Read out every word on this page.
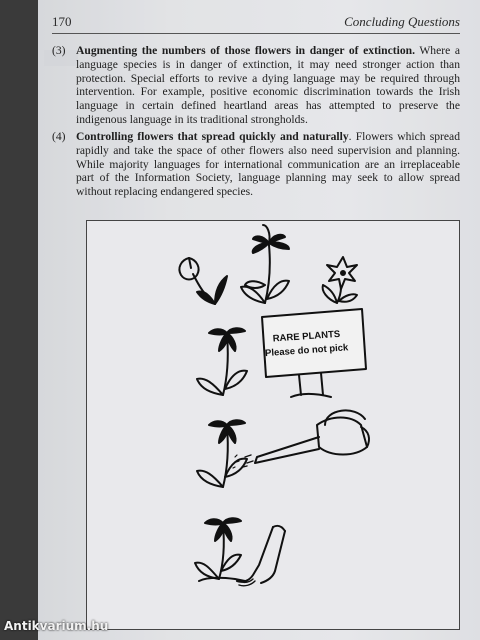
170	Concluding Questions
(3) Augmenting the numbers of those flowers in danger of extinction. Where a language species is in danger of extinction, it may need stronger action than protection. Special efforts to revive a dying language may be required through intervention. For example, positive economic discrimination towards the Irish language in certain defined heartland areas has attempted to preserve the indigenous language in its traditional strongholds.
(4) Controlling flowers that spread quickly and naturally. Flowers which spread rapidly and take the space of other flowers also need supervision and planning. While majority languages for international communication are an irreplaceable part of the Information Society, language planning may seek to allow spread without replacing endangered species.
RARE PLANTS
Please do not pick
Antikvarium.hu
